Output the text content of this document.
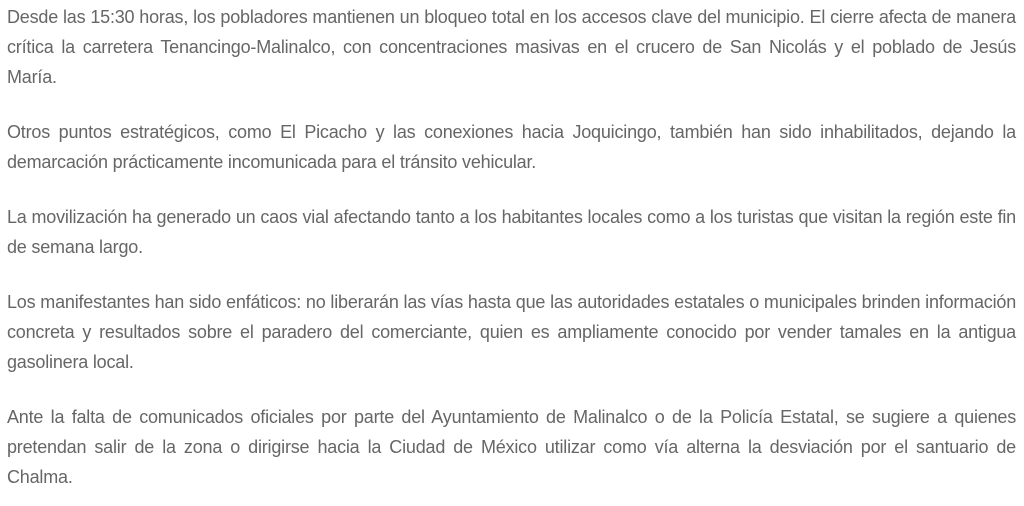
Desde las 15:30 horas, los pobladores mantienen un bloqueo total en los accesos clave del municipio. El cierre afecta de manera crítica la carretera Tenancingo-Malinalco, con concentraciones masivas en el crucero de San Nicolás y el poblado de Jesús María.

Otros puntos estratégicos, como El Picacho y las conexiones hacia Joquicingo, también han sido inhabilitados, dejando la demarcación prácticamente incomunicada para el tránsito vehicular.

La movilización ha generado un caos vial afectando tanto a los habitantes locales como a los turistas que visitan la región este fin de semana largo.

Los manifestantes han sido enfáticos: no liberarán las vías hasta que las autoridades estatales o municipales brinden información concreta y resultados sobre el paradero del comerciante, quien es ampliamente conocido por vender tamales en la antigua gasolinera local.

Ante la falta de comunicados oficiales por parte del Ayuntamiento de Malinalco o de la Policía Estatal, se sugiere a quienes pretendan salir de la zona o dirigirse hacia la Ciudad de México utilizar como vía alterna la desviación por el santuario de Chalma.
